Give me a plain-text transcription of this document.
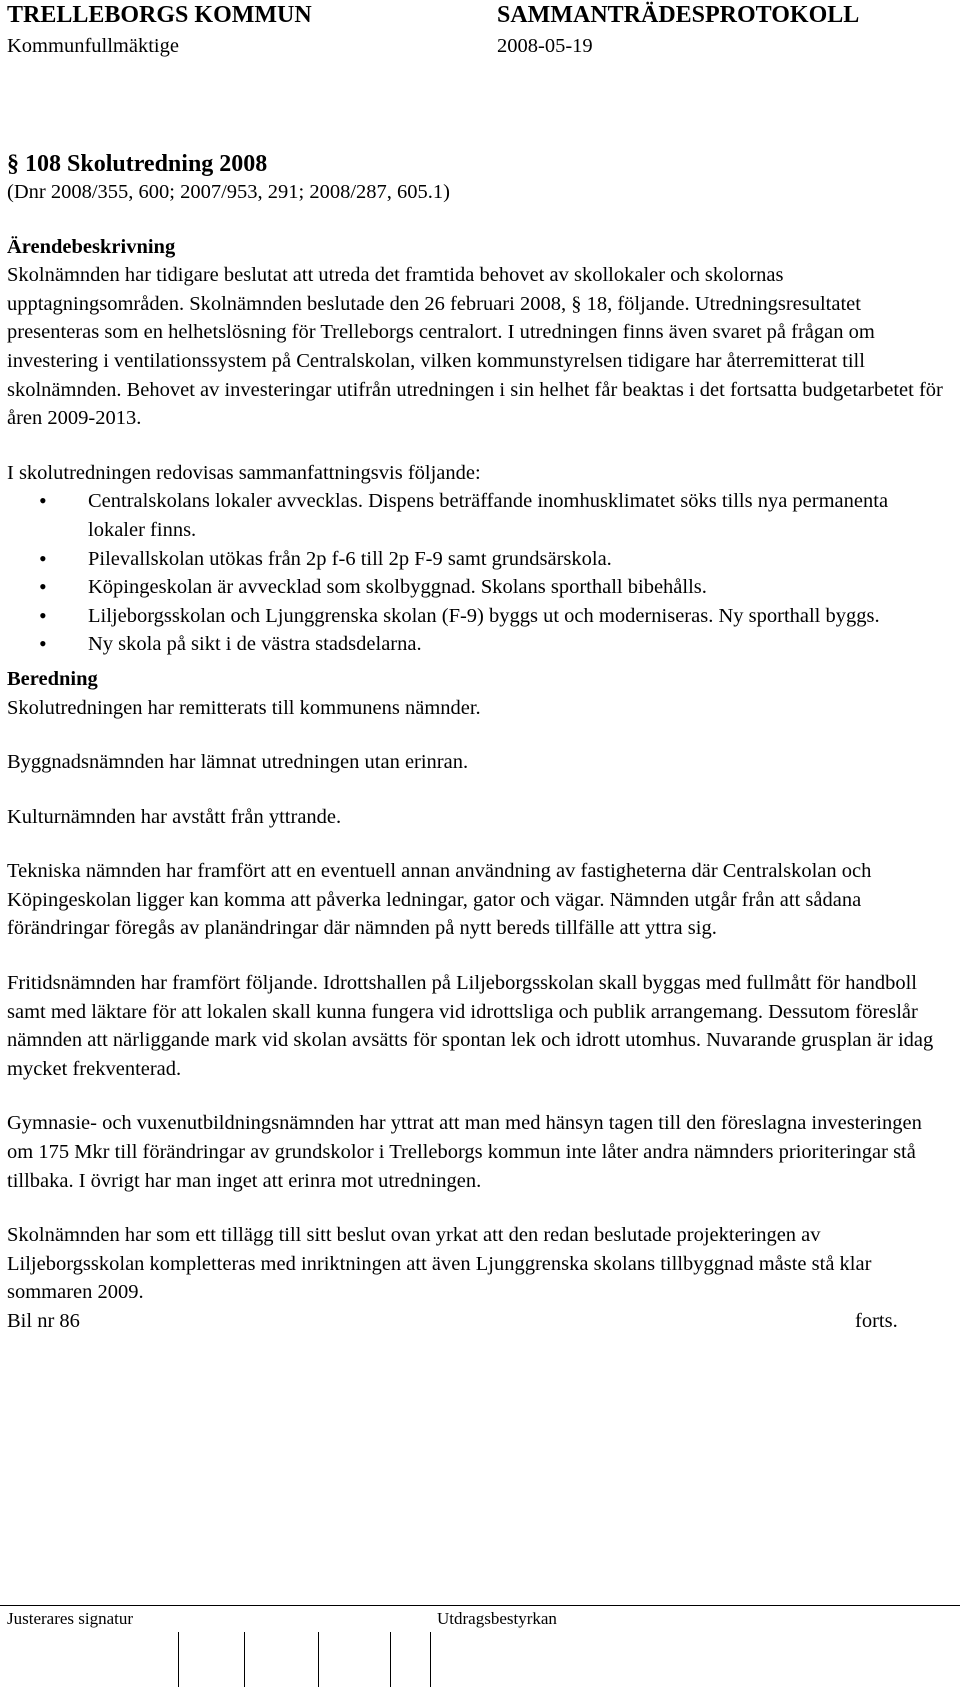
TRELLEBORGS KOMMUN	SAMMANTRÄDESPROTOKOLL
Kommunfullmäktige	2008-05-19
§ 108 Skolutredning 2008

(Dnr 2008/355, 600; 2007/953, 291; 2008/287, 605.1)

Ärendebeskrivning

Skolnämnden har tidigare beslutat att utreda det framtida behovet av skollokaler och skolornas upptagningsområden. Skolnämnden beslutade den 26 februari 2008, § 18, följande. Utredningsresultatet presenteras som en helhetslösning för Trelleborgs centralort. I utredningen finns även svaret på frågan om investering i ventilationssystem på Centralskolan, vilken kommunstyrelsen tidigare har återremitterat till skolnämnden. Behovet av investeringar utifrån utredningen i sin helhet får beaktas i det fortsatta budgetarbetet för åren 2009-2013.

I skolutredningen redovisas sammanfattningsvis följande:

• Centralskolans lokaler avvecklas. Dispens beträffande inomhusklimatet söks tills nya permanenta lokaler finns.
• Pilevallskolan utökas från 2p f-6 till 2p F-9 samt grundsärskola.
• Köpingeskolan är avvecklad som skolbyggnad. Skolans sporthall bibehålls.
• Liljeborgsskolan och Ljunggrenska skolan (F-9) byggs ut och moderniseras. Ny sporthall byggs.
• Ny skola på sikt i de västra stadsdelarna.
Beredning

Skolutredningen har remitterats till kommunens nämnder.

Byggnadsnämnden har lämnat utredningen utan erinran.

Kulturnämnden har avstått från yttrande.

Tekniska nämnden har framfört att en eventuell annan användning av fastigheterna där Centralskolan och Köpingeskolan ligger kan komma att påverka ledningar, gator och vägar. Nämnden utgår från att sådana förändringar föregås av planändringar där nämnden på nytt bereds tillfälle att yttra sig.

Fritidsnämnden har framfört följande. Idrottshallen på Liljeborgsskolan skall byggas med fullmått för handboll samt med läktare för att lokalen skall kunna fungera vid idrottsliga och publik arrangemang. Dessutom föreslår nämnden att närliggande mark vid skolan avsätts för spontan lek och idrott utomhus. Nuvarande grusplan är idag mycket frekventerad.

Gymnasie- och vuxenutbildningsnämnden har yttrat att man med hänsyn tagen till den föreslagna investeringen om 175 Mkr till förändringar av grundskolor i Trelleborgs kommun inte låter andra nämnders prioriteringar stå tillbaka. I övrigt har man inget att erinra mot utredningen.

Skolnämnden har som ett tillägg till sitt beslut ovan yrkat att den redan beslutade projekteringen av Liljeborgsskolan kompletteras med inriktningen att även Ljunggrenska skolans tillbyggnad måste stå klar sommaren 2009.

Bil nr 86	forts.
Justerares signatur	Utdragsbestyrkan
